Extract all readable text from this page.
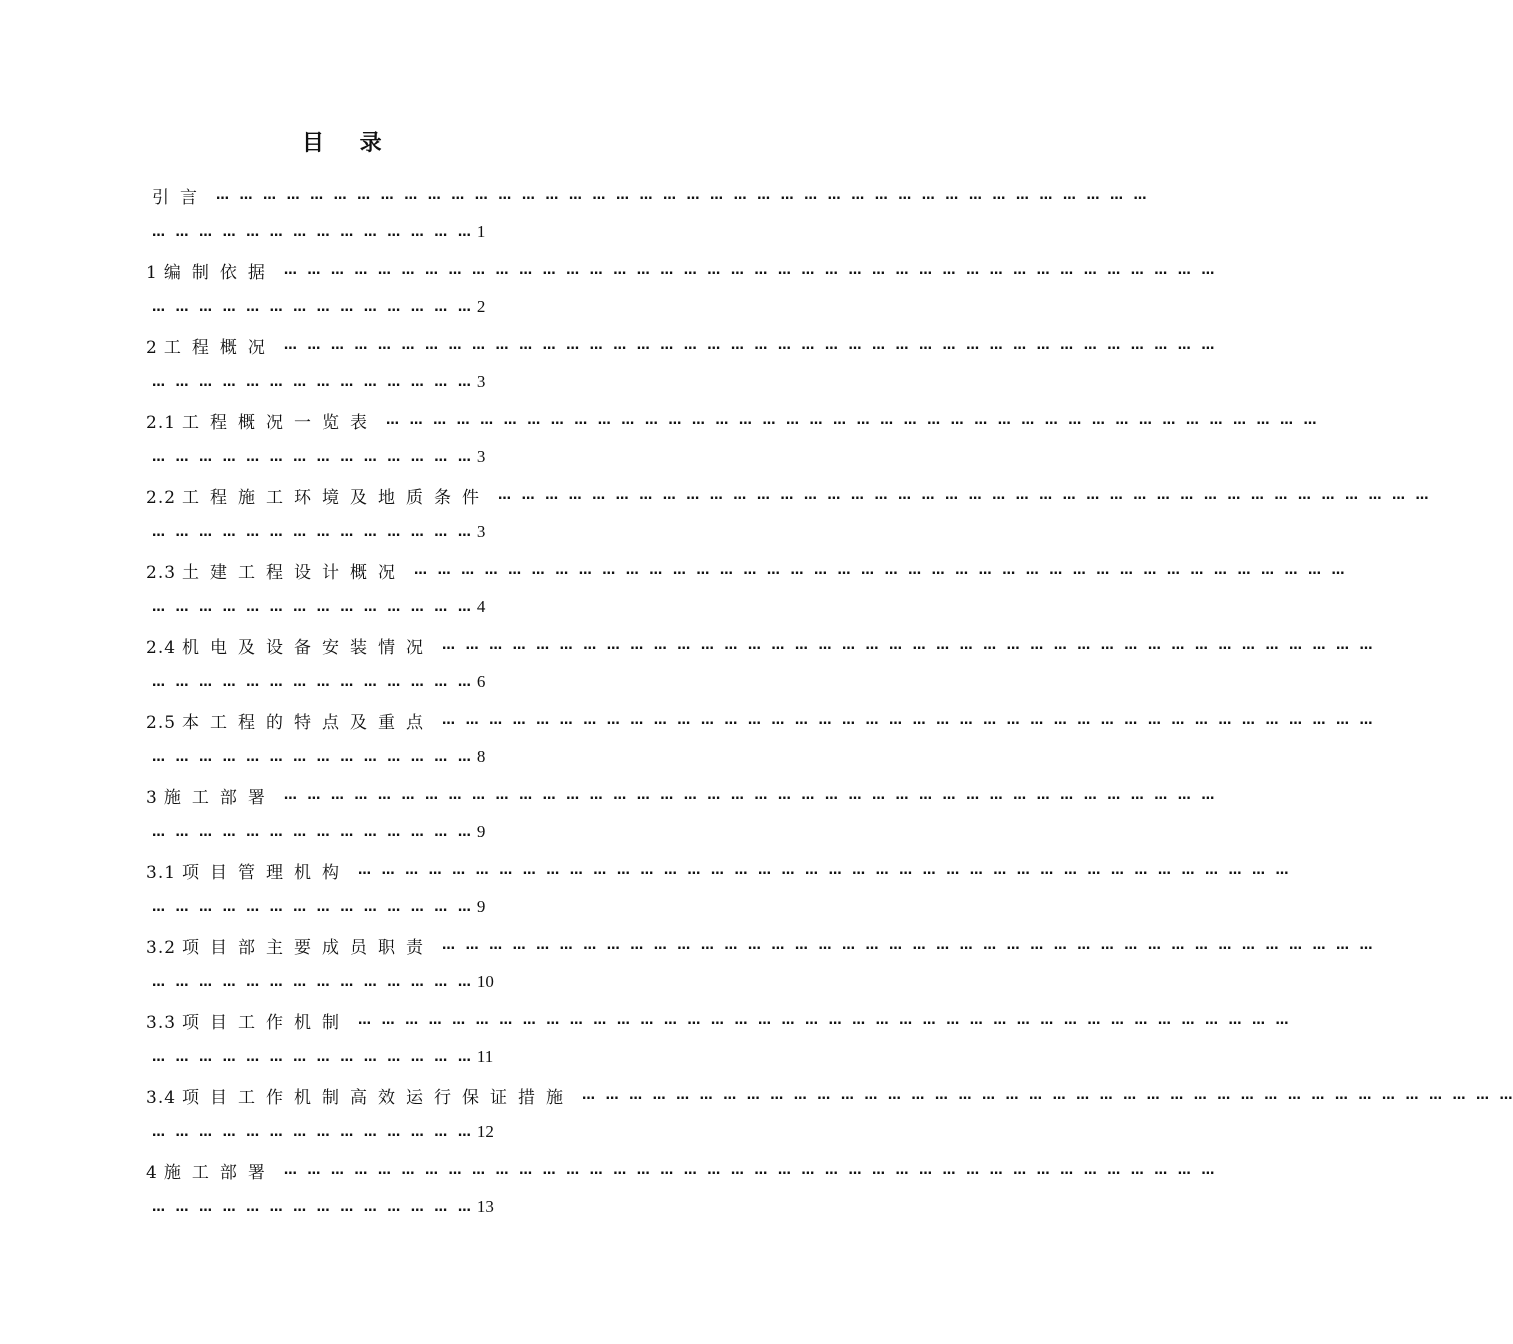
目 录
引言 … … … … … … … … … … … … … … … … … … … … … … … … … … … … … … … … … … … … … … … …
… … … … … … … … … … … … … … 1
1 编制依据 … … … … … … … … … … … … … … … … … … … … … … … … … … … … … … … … … … … … … … … …
… … … … … … … … … … … … … … 2
2 工程概况 … … … … … … … … … … … … … … … … … … … … … … … … … … … … … … … … … … … … … … … …
… … … … … … … … … … … … … … 3
2.1 工程概况一览表 … … … … … … … … … … … … … … … … … … … … … … … … … … … … … … … … … … … … … … … …
… … … … … … … … … … … … … … 3
2.2 工程施工环境及地质条件 … … … … … … … … … … … … … … … … … … … … … … … … … … … … … … … … … … … … … … … …
… … … … … … … … … … … … … … 3
2.3 土建工程设计概况 … … … … … … … … … … … … … … … … … … … … … … … … … … … … … … … … … … … … … … … …
… … … … … … … … … … … … … … 4
2.4 机电及设备安装情况 … … … … … … … … … … … … … … … … … … … … … … … … … … … … … … … … … … … … … … … …
… … … … … … … … … … … … … … 6
2.5 本工程的特点及重点 … … … … … … … … … … … … … … … … … … … … … … … … … … … … … … … … … … … … … … … …
… … … … … … … … … … … … … … 8
3 施工部署 … … … … … … … … … … … … … … … … … … … … … … … … … … … … … … … … … … … … … … … …
… … … … … … … … … … … … … … 9
3.1 项目管理机构 … … … … … … … … … … … … … … … … … … … … … … … … … … … … … … … … … … … … … … … …
… … … … … … … … … … … … … … 9
3.2 项目部主要成员职责 … … … … … … … … … … … … … … … … … … … … … … … … … … … … … … … … … … … … … … … …
… … … … … … … … … … … … … … 10
3.3 项目工作机制 … … … … … … … … … … … … … … … … … … … … … … … … … … … … … … … … … … … … … … … …
… … … … … … … … … … … … … … 11
3.4 项目工作机制高效运行保证措施 … … … … … … … … … … … … … … … … … … … … … … … … … … … … … … … … … … … … … … … …
… … … … … … … … … … … … … … 12
4 施工部署 … … … … … … … … … … … … … … … … … … … … … … … … … … … … … … … … … … … … … … … …
… … … … … … … … … … … … … … 13
